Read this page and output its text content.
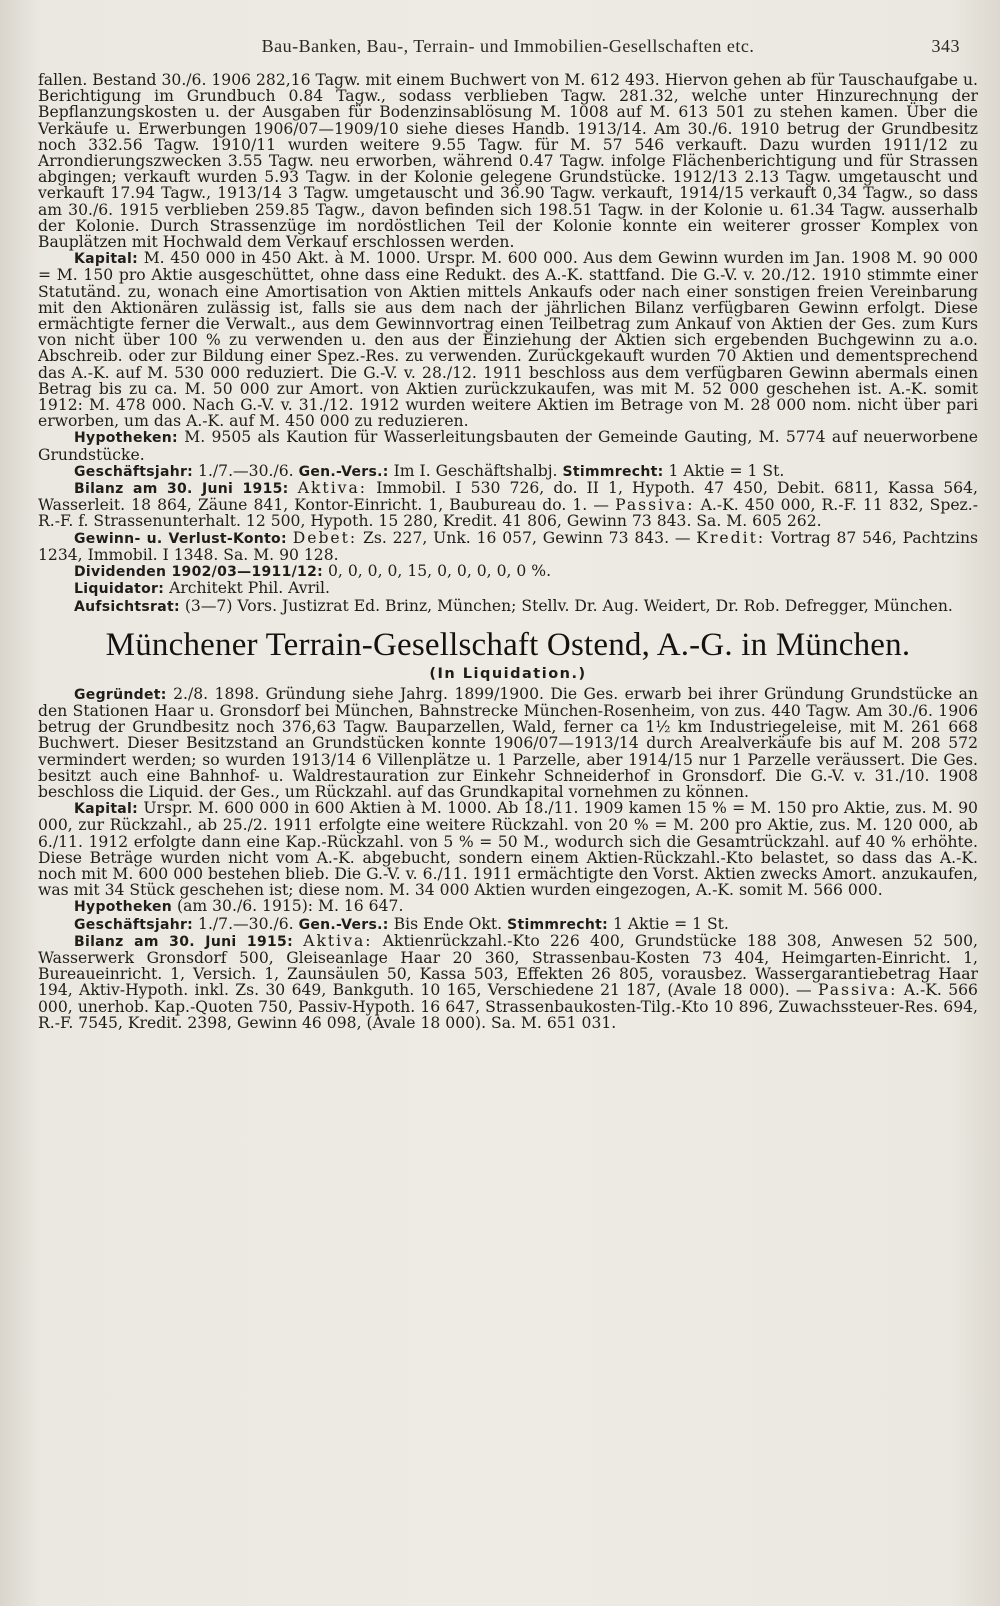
Bau-Banken, Bau-, Terrain- und Immobilien-Gesellschaften etc.	343

fallen. Bestand 30./6. 1906 282,16 Tagw. mit einem Buchwert von M. 612 493. Hiervon gehen ab für Tauschaufgabe u. Berichtigung im Grundbuch 0.84 Tagw., sodass verblieben Tagw. 281.32, welche unter Hinzurechnung der Bepflanzungskosten u. der Ausgaben für Bodenzinsablösung M. 1008 auf M. 613 501 zu stehen kamen. Über die Verkäufe u. Erwerbungen 1906/07—1909/10 siehe dieses Handb. 1913/14. Am 30./6. 1910 betrug der Grundbesitz noch 332.56 Tagw. 1910/11 wurden weitere 9.55 Tagw. für M. 57 546 verkauft. Dazu wurden 1911/12 zu Arrondierungszwecken 3.55 Tagw. neu erworben, während 0.47 Tagw. infolge Flächenberichtigung und für Strassen abgingen; verkauft wurden 5.93 Tagw. in der Kolonie gelegene Grundstücke. 1912/13 2.13 Tagw. umgetauscht und verkauft 17.94 Tagw., 1913/14 3 Tagw. umgetauscht und 36.90 Tagw. verkauft, 1914/15 verkauft 0,34 Tagw., so dass am 30./6. 1915 verblieben 259.85 Tagw., davon befinden sich 198.51 Tagw. in der Kolonie u. 61.34 Tagw. ausserhalb der Kolonie. Durch Strassenzüge im nordöstlichen Teil der Kolonie konnte ein weiterer grosser Komplex von Bauplätzen mit Hochwald dem Verkauf erschlossen werden.

Kapital: M. 450 000 in 450 Akt. à M. 1000. Urspr. M. 600 000. Aus dem Gewinn wurden im Jan. 1908 M. 90 000 = M. 150 pro Aktie ausgeschüttet, ohne dass eine Redukt. des A.-K. stattfand. Die G.-V. v. 20./12. 1910 stimmte einer Statutänd. zu, wonach eine Amortisation von Aktien mittels Ankaufs oder nach einer sonstigen freien Vereinbarung mit den Aktionären zulässig ist, falls sie aus dem nach der jährlichen Bilanz verfügbaren Gewinn erfolgt. Diese ermächtigte ferner die Verwalt., aus dem Gewinnvortrag einen Teilbetrag zum Ankauf von Aktien der Ges. zum Kurs von nicht über 100 % zu verwenden u. den aus der Einziehung der Aktien sich ergebenden Buchgewinn zu a.o. Abschreib. oder zur Bildung einer Spez.-Res. zu verwenden. Zurückgekauft wurden 70 Aktien und dementsprechend das A.-K. auf M. 530 000 reduziert. Die G.-V. v. 28./12. 1911 beschloss aus dem verfügbaren Gewinn abermals einen Betrag bis zu ca. M. 50 000 zur Amort. von Aktien zurückzukaufen, was mit M. 52 000 geschehen ist. A.-K. somit 1912: M. 478 000. Nach G.-V. v. 31./12. 1912 wurden weitere Aktien im Betrage von M. 28 000 nom. nicht über pari erworben, um das A.-K. auf M. 450 000 zu reduzieren.

Hypotheken: M. 9505 als Kaution für Wasserleitungsbauten der Gemeinde Gauting, M. 5774 auf neuerworbene Grundstücke.

Geschäftsjahr: 1./7.—30./6. Gen.-Vers.: Im I. Geschäftshalbj. Stimmrecht: 1 Aktie = 1 St.

Bilanz am 30. Juni 1915: Aktiva: Immobil. I 530 726, do. II 1, Hypoth. 47 450, Debit. 6811, Kassa 564, Wasserleit. 18 864, Zäune 841, Kontor-Einricht. 1, Baubureau do. 1. — Passiva: A.-K. 450 000, R.-F. 11 832, Spez.-R.-F. f. Strassenunterhalt. 12 500, Hypoth. 15 280, Kredit. 41 806, Gewinn 73 843. Sa. M. 605 262.

Gewinn- u. Verlust-Konto: Debet: Zs. 227, Unk. 16 057, Gewinn 73 843. — Kredit: Vortrag 87 546, Pachtzins 1234, Immobil. I 1348. Sa. M. 90 128.

Dividenden 1902/03—1911/12: 0, 0, 0, 0, 15, 0, 0, 0, 0, 0 %.

Liquidator: Architekt Phil. Avril.

Aufsichtsrat: (3—7) Vors. Justizrat Ed. Brinz, München; Stellv. Dr. Aug. Weidert, Dr. Rob. Defregger, München.

Münchener Terrain-Gesellschaft Ostend, A.-G. in München.
(In Liquidation.)

Gegründet: 2./8. 1898. Gründung siehe Jahrg. 1899/1900. Die Ges. erwarb bei ihrer Gründung Grundstücke an den Stationen Haar u. Gronsdorf bei München, Bahnstrecke München-Rosenheim, von zus. 440 Tagw. Am 30./6. 1906 betrug der Grundbesitz noch 376,63 Tagw. Bauparzellen, Wald, ferner ca 1½ km Industriegeleise, mit M. 261 668 Buchwert. Dieser Besitzstand an Grundstücken konnte 1906/07—1913/14 durch Arealverkäufe bis auf M. 208 572 vermindert werden; so wurden 1913/14 6 Villenplätze u. 1 Parzelle, aber 1914/15 nur 1 Parzelle veräussert. Die Ges. besitzt auch eine Bahnhof- u. Waldrestauration zur Einkehr Schneiderhof in Gronsdorf. Die G.-V. v. 31./10. 1908 beschloss die Liquid. der Ges., um Rückzahl. auf das Grundkapital vornehmen zu können.

Kapital: Urspr. M. 600 000 in 600 Aktien à M. 1000. Ab 18./11. 1909 kamen 15 % = M. 150 pro Aktie, zus. M. 90 000, zur Rückzahl., ab 25./2. 1911 erfolgte eine weitere Rückzahl. von 20 % = M. 200 pro Aktie, zus. M. 120 000, ab 6./11. 1912 erfolgte dann eine Kap.-Rückzahl. von 5 % = 50 M., wodurch sich die Gesamtrückzahl. auf 40 % erhöhte. Diese Beträge wurden nicht vom A.-K. abgebucht, sondern einem Aktien-Rückzahl.-Kto belastet, so dass das A.-K. noch mit M. 600 000 bestehen blieb. Die G.-V. v. 6./11. 1911 ermächtigte den Vorst. Aktien zwecks Amort. anzukaufen, was mit 34 Stück geschehen ist; diese nom. M. 34 000 Aktien wurden eingezogen, A.-K. somit M. 566 000.

Hypotheken (am 30./6. 1915): M. 16 647.

Geschäftsjahr: 1./7.—30./6. Gen.-Vers.: Bis Ende Okt. Stimmrecht: 1 Aktie = 1 St.

Bilanz am 30. Juni 1915: Aktiva: Aktienrückzahl.-Kto 226 400, Grundstücke 188 308, Anwesen 52 500, Wasserwerk Gronsdorf 500, Gleiseanlage Haar 20 360, Strassenbau-Kosten 73 404, Heimgarten-Einricht. 1, Bureaueinricht. 1, Versich. 1, Zaunsäulen 50, Kassa 503, Effekten 26 805, vorausbez. Wassergarantiebetrag Haar 194, Aktiv-Hypoth. inkl. Zs. 30 649, Bankguth. 10 165, Verschiedene 21 187, (Avale 18 000). — Passiva: A.-K. 566 000, unerhob. Kap.-Quoten 750, Passiv-Hypoth. 16 647, Strassenbaukosten-Tilg.-Kto 10 896, Zuwachssteuer-Res. 694, R.-F. 7545, Kredit. 2398, Gewinn 46 098, (Avale 18 000). Sa. M. 651 031.
